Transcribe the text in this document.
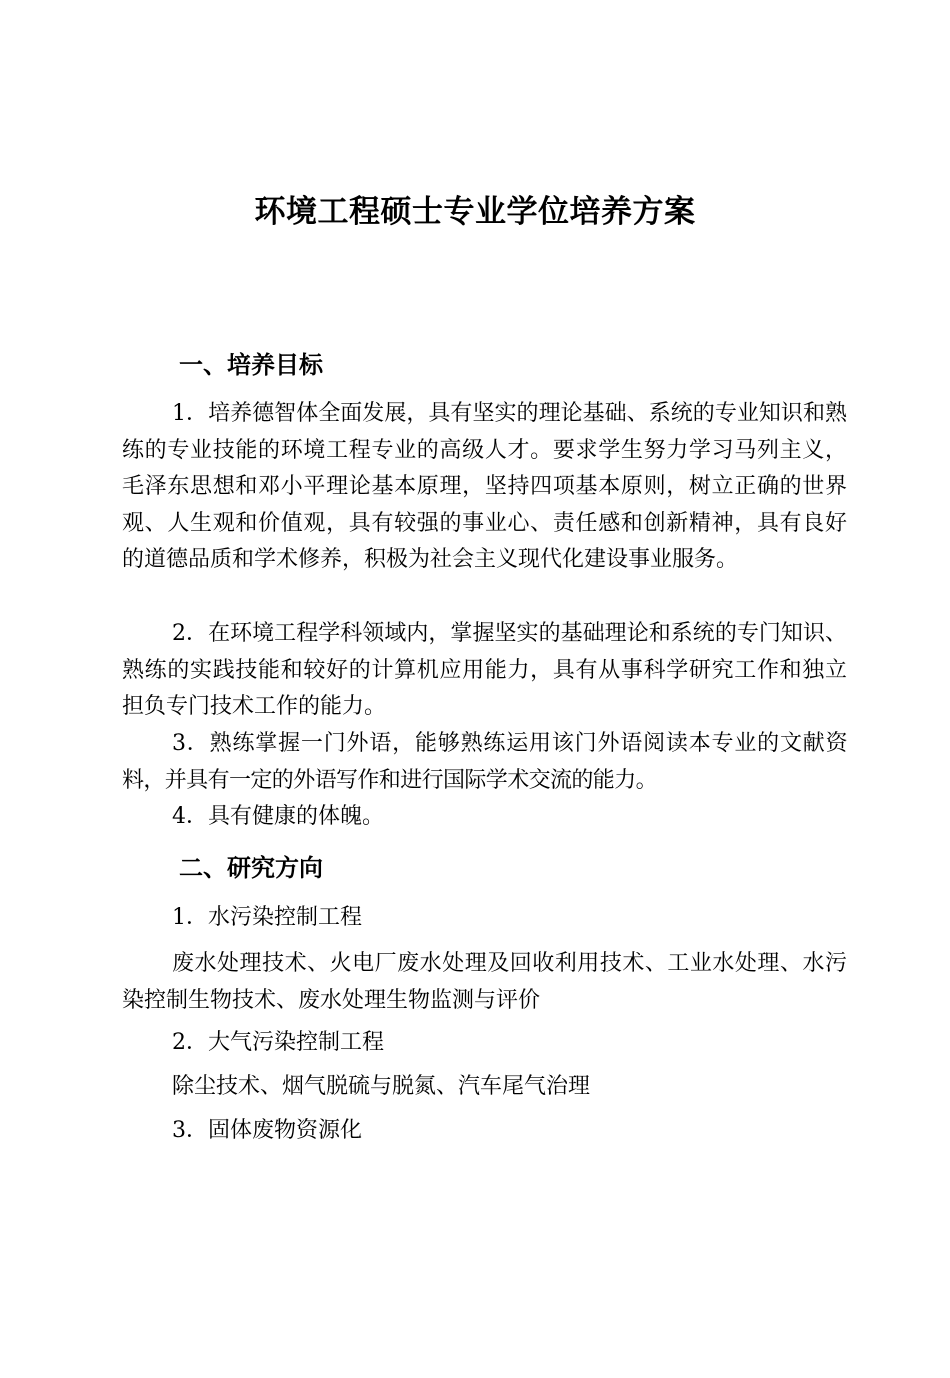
环境工程硕士专业学位培养方案
一、培养目标

1．培养德智体全面发展，具有坚实的理论基础、系统的专业知识和熟练的专业技能的环境工程专业的高级人才。要求学生努力学习马列主义，毛泽东思想和邓小平理论基本原理，坚持四项基本原则，树立正确的世界观、人生观和价值观，具有较强的事业心、责任感和创新精神，具有良好的道德品质和学术修养，积极为社会主义现代化建设事业服务。

2．在环境工程学科领域内，掌握坚实的基础理论和系统的专门知识、熟练的实践技能和较好的计算机应用能力，具有从事科学研究工作和独立担负专门技术工作的能力。

3．熟练掌握一门外语，能够熟练运用该门外语阅读本专业的文献资料，并具有一定的外语写作和进行国际学术交流的能力。

4．具有健康的体魄。

二、研究方向

1．水污染控制工程

废水处理技术、火电厂废水处理及回收利用技术、工业水处理、水污染控制生物技术、废水处理生物监测与评价

2．大气污染控制工程

除尘技术、烟气脱硫与脱氮、汽车尾气治理

3．固体废物资源化
